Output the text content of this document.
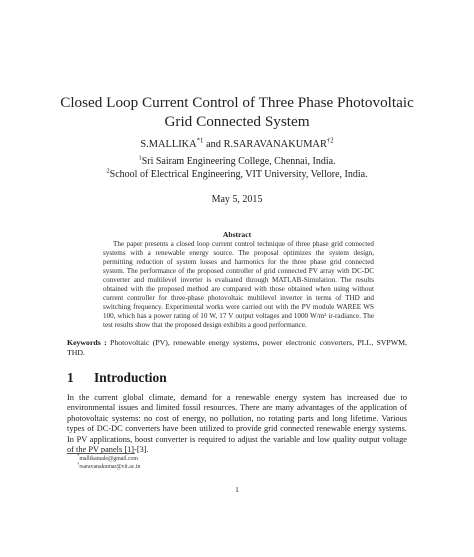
Closed Loop Current Control of Three Phase Photovoltaic
Grid Connected System
S.MALLIKA$^{*1}$ and R.SARAVANAKUMAR$^{\dagger 2}$
$^1$Sri Sairam Engineering College, Chennai, India.
$^2$School of Electrical Engineering, VIT University, Vellore, India.
May 5, 2015
Abstract

The paper presents a closed loop current control technique of three phase grid connected systems with a renewable energy source. The proposal optimizes the system design, permitting reduction of system losses and harmonics for the three phase grid connected system. The performance of the proposed controller of grid connected PV array with DC-DC converter and multilevel inverter is evaluated through MATLAB-Simulation. The results obtained with the proposed method are compared with those obtained when using without current controller for three-phase photovoltaic multilevel inverter in terms of THD and switching frequency. Experimental works were carried out with the PV module WAREE WS 100, which has a power rating of 10 W, 17 V output voltages and 1000 W/m² ir-radiance. The test results show that the proposed design exhibits a good performance.

Keywords : Photovoltaic (PV), renewable energy systems, power electronic converters, PLL, SVPWM, THD.

1 Introduction

In the current global climate, demand for a renewable energy system has increased due to environmental issues and limited fossil resources. There are many advantages of the application of photovoltaic systems: no cost of energy, no pollution, no rotating parts and long lifetime. Various types of DC-DC converters have been utilized to provide grid connected renewable energy systems. In PV applications, boost converter is required to adjust the variable and low quality output voltage of the PV panels [1]-[3].

*mallikamale@gmail.com
†rsaravanakumar@vit.ac.in
1
